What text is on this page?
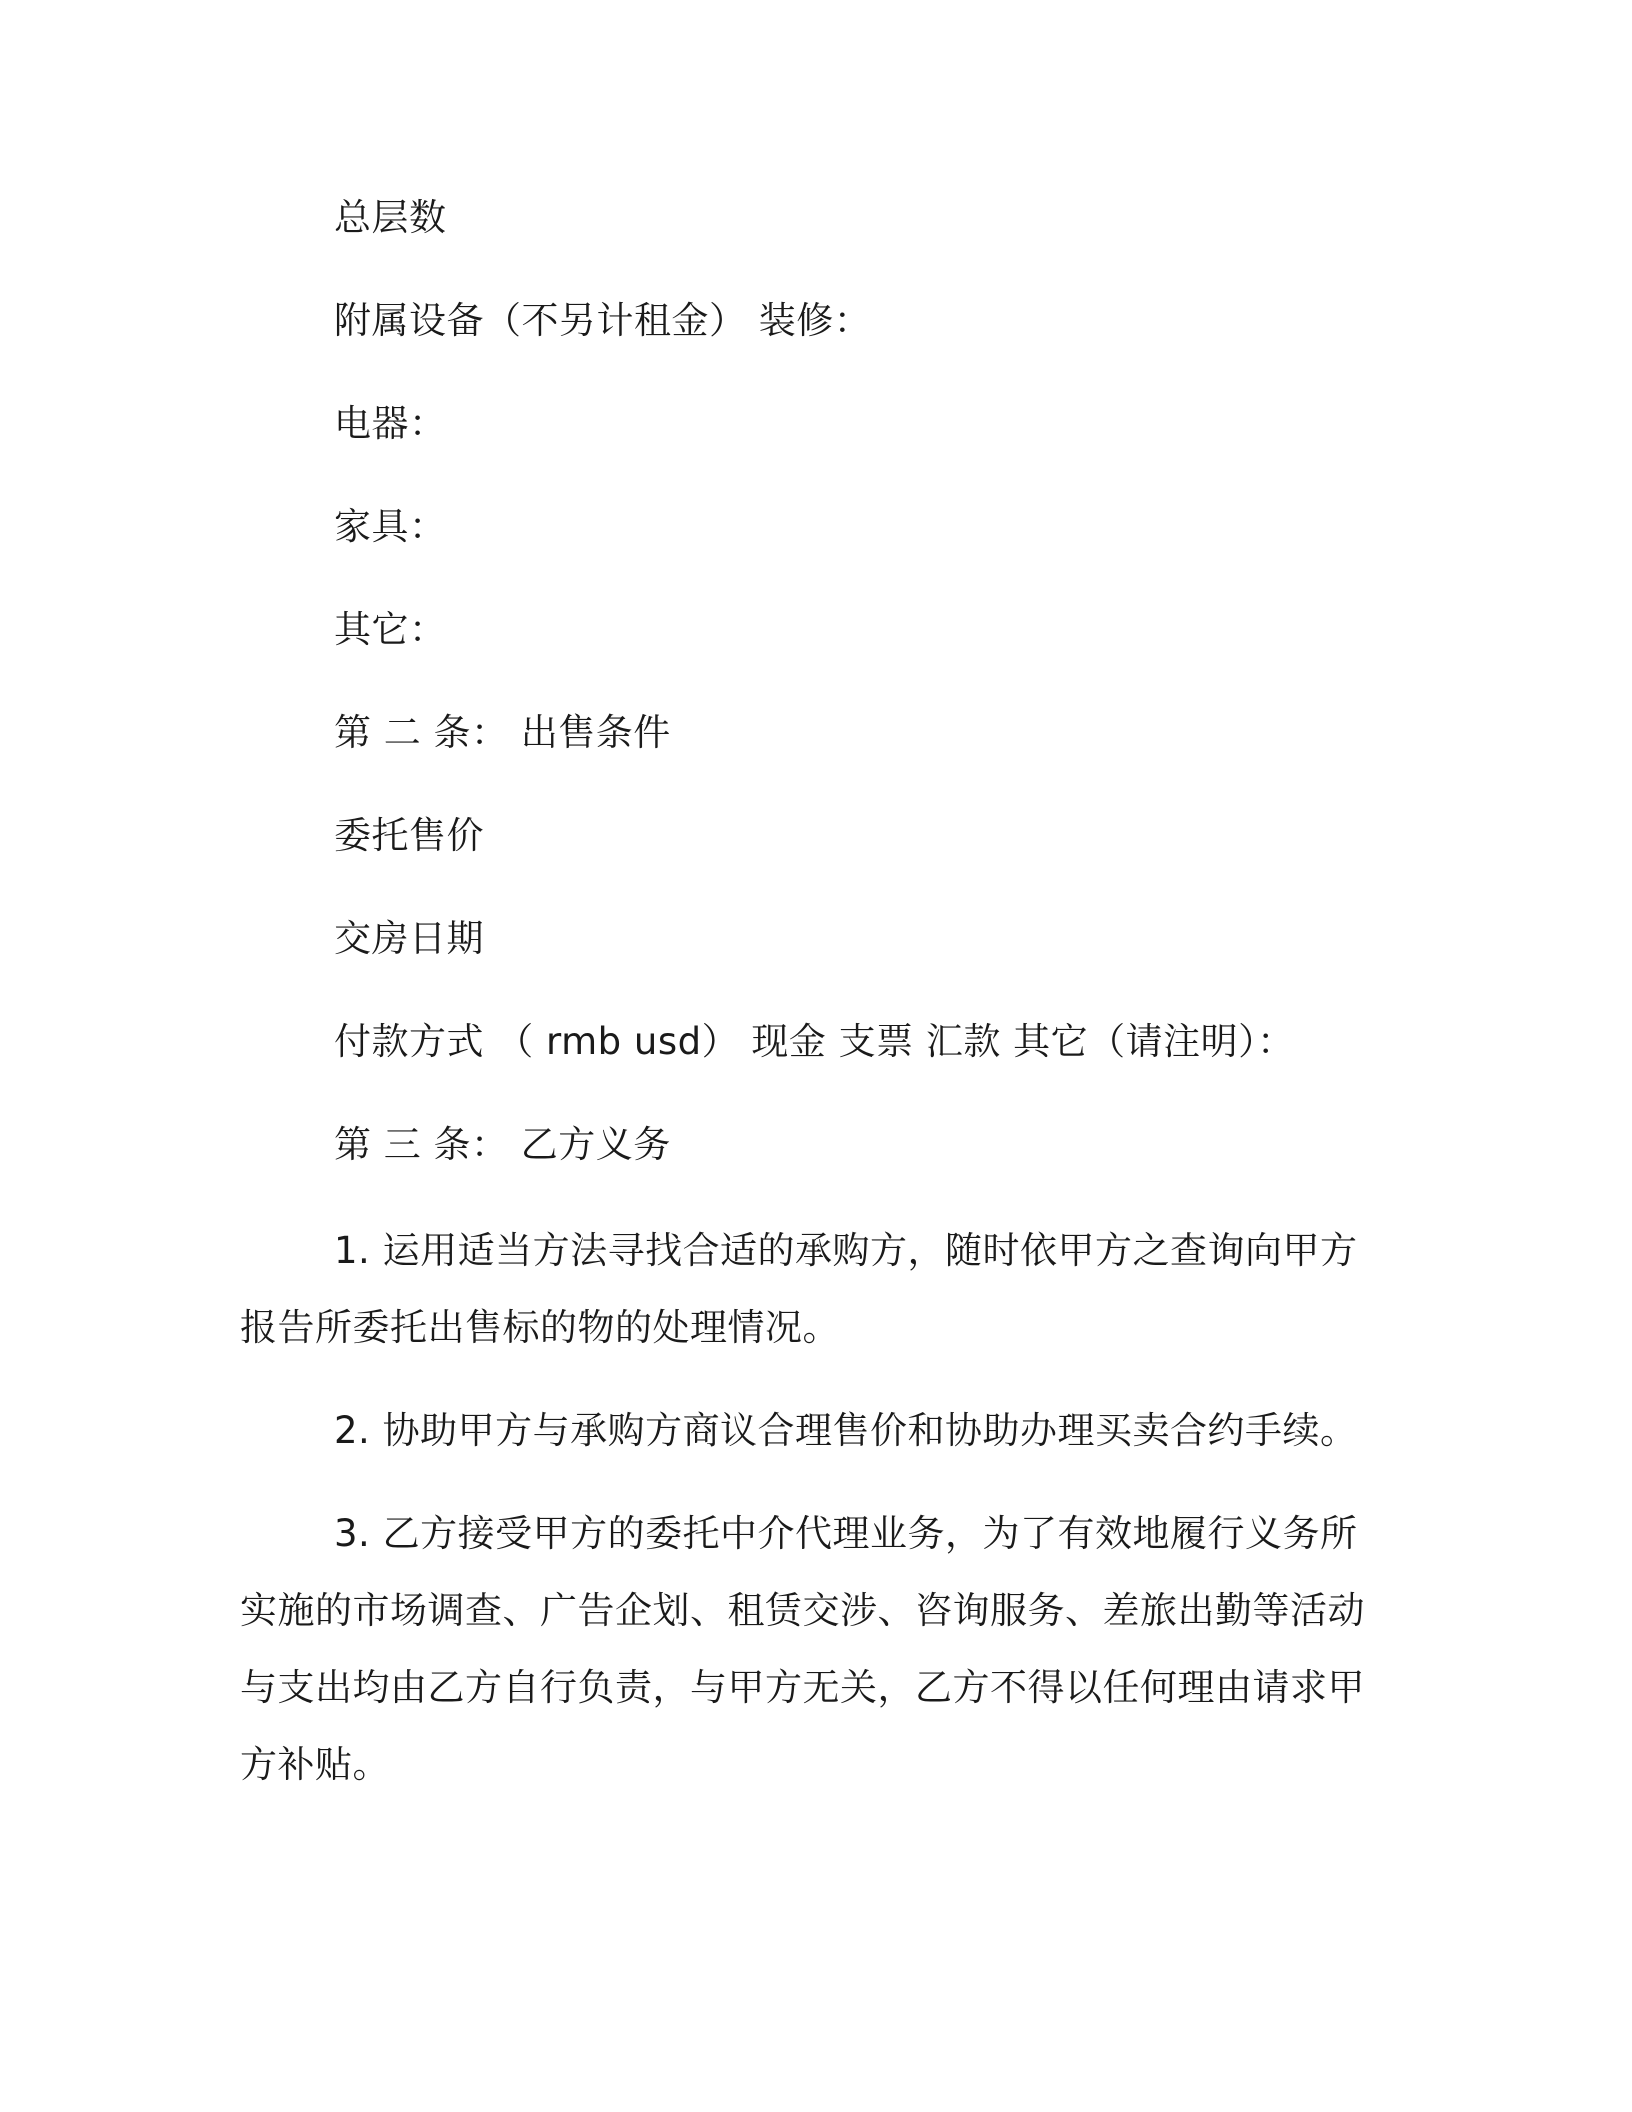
总层数
附属设备（不另计租金） 装修：
电器：
家具：
其它：
第 二 条： 出售条件
委托售价
交房日期
付款方式 （ rmb usd） 现金 支票 汇款 其它（请注明）：
第 三 条： 乙方义务

1. 运用适当方法寻找合适的承购方，随时依甲方之查询向甲方报告所委托出售标的物的处理情况。

2. 协助甲方与承购方商议合理售价和协助办理买卖合约手续。

3. 乙方接受甲方的委托中介代理业务，为了有效地履行义务所实施的市场调查、广告企划、租赁交涉、咨询服务、差旅出勤等活动与支出均由乙方自行负责，与甲方无关，乙方不得以任何理由请求甲方补贴。
